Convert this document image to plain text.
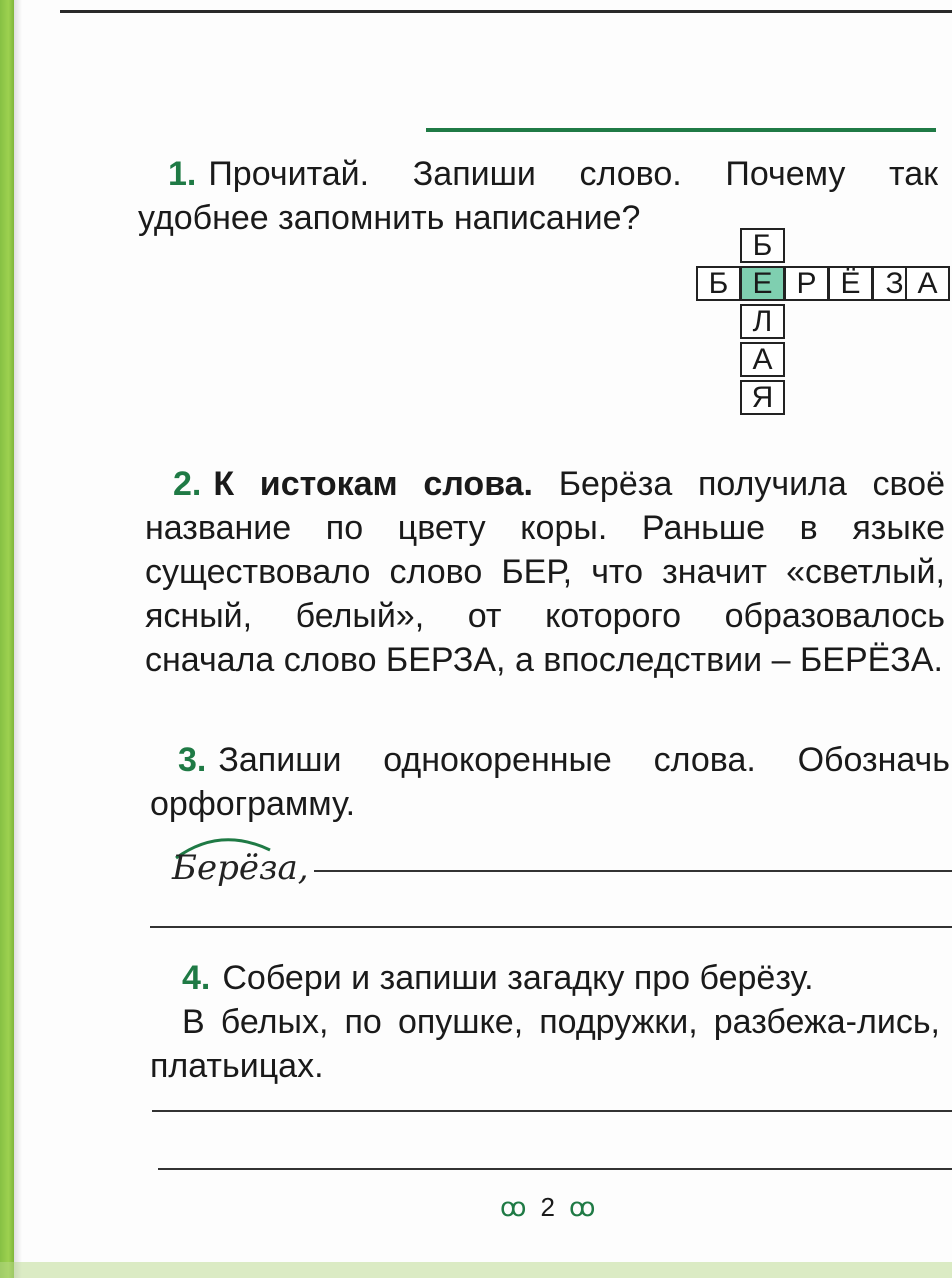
1. Прочитай. Запиши слово. Почему так удобнее запомнить написание?
Б
Б Е Р Ё З А
Л
А
Я
2. К истокам слова. Берёза получила своё название по цвету коры. Раньше в языке существовало слово БЕР, что значит «светлый, ясный, белый», от которого образовалось сначала слово БЕРЗА, а впоследствии – БЕРЁЗА.
3. Запиши однокоренные слова. Обозначь орфограмму.
Берёза,
4. Собери и запиши загадку про берёзу.
В белых, по опушке, подружки, разбежа-лись, платьицах.
ꝏ 2 ꝏ
